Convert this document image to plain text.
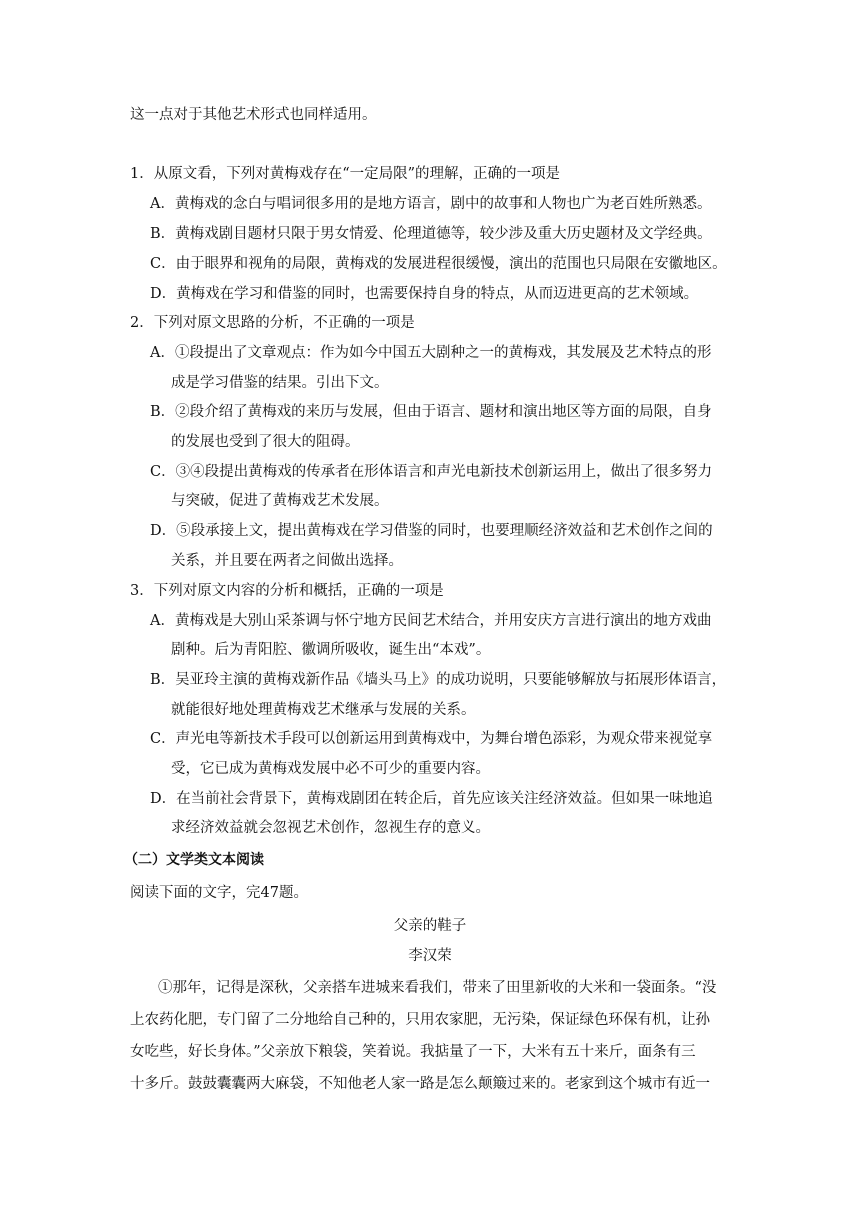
这一点对于其他艺术形式也同样适用。
1．从原文看，下列对黄梅戏存在“一定局限”的理解，正确的一项是
A．黄梅戏的念白与唱词很多用的是地方语言，剧中的故事和人物也广为老百姓所熟悉。
B．黄梅戏剧目题材只限于男女情爱、伦理道德等，较少涉及重大历史题材及文学经典。
C．由于眼界和视角的局限，黄梅戏的发展进程很缓慢，演出的范围也只局限在安徽地区。
D．黄梅戏在学习和借鉴的同时，也需要保持自身的特点，从而迈进更高的艺术领域。
2．下列对原文思路的分析，不正确的一项是
A．①段提出了文章观点：作为如今中国五大剧种之一的黄梅戏，其发展及艺术特点的形
成是学习借鉴的结果。引出下文。
B．②段介绍了黄梅戏的来历与发展，但由于语言、题材和演出地区等方面的局限，自身
的发展也受到了很大的阻碍。
C．③④段提出黄梅戏的传承者在形体语言和声光电新技术创新运用上，做出了很多努力
与突破，促进了黄梅戏艺术发展。
D．⑤段承接上文，提出黄梅戏在学习借鉴的同时，也要理顺经济效益和艺术创作之间的
关系，并且要在两者之间做出选择。
3．下列对原文内容的分析和概括，正确的一项是
A．黄梅戏是大别山采茶调与怀宁地方民间艺术结合，并用安庆方言进行演出的地方戏曲
剧种。后为青阳腔、徽调所吸收，诞生出“本戏”。
B．吴亚玲主演的黄梅戏新作品《墙头马上》的成功说明，只要能够解放与拓展形体语言，
就能很好地处理黄梅戏艺术继承与发展的关系。
C．声光电等新技术手段可以创新运用到黄梅戏中，为舞台增色添彩，为观众带来视觉享
受，它已成为黄梅戏发展中必不可少的重要内容。
D．在当前社会背景下，黄梅戏剧团在转企后，首先应该关注经济效益。但如果一味地追
求经济效益就会忽视艺术创作，忽视生存的意义。
（二）文学类文本阅读
阅读下面的文字，完47题。
父亲的鞋子
李汉荣
①那年，记得是深秋，父亲搭车进城来看我们，带来了田里新收的大米和一袋面条。“没
上农药化肥，专门留了二分地给自己种的，只用农家肥，无污染，保证绿色环保有机，让孙
女吃些，好长身体。”父亲放下粮袋，笑着说。我掂量了一下，大米有五十来斤，面条有三
十多斤。鼓鼓囊囊两大麻袋，不知他老人家一路是怎么颠簸过来的。老家到这个城市有近一
